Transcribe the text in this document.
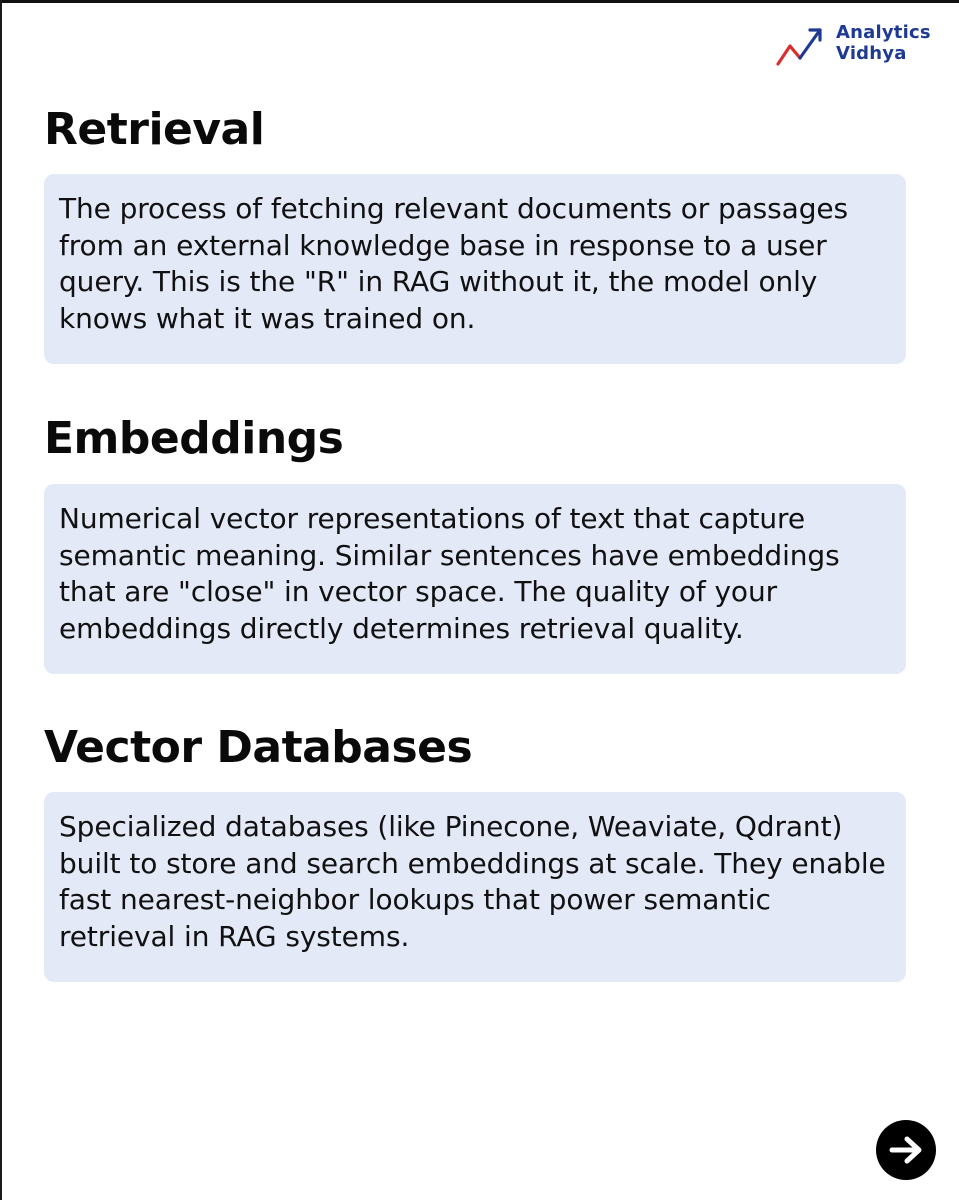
Analytics
Vidhya
Retrieval

The process of fetching relevant documents or passages from an external knowledge base in response to a user query. This is the "R" in RAG without it, the model only knows what it was trained on.

Embeddings

Numerical vector representations of text that capture semantic meaning. Similar sentences have embeddings that are "close" in vector space. The quality of your embeddings directly determines retrieval quality.

Vector Databases

Specialized databases (like Pinecone, Weaviate, Qdrant) built to store and search embeddings at scale. They enable fast nearest-neighbor lookups that power semantic retrieval in RAG systems.
